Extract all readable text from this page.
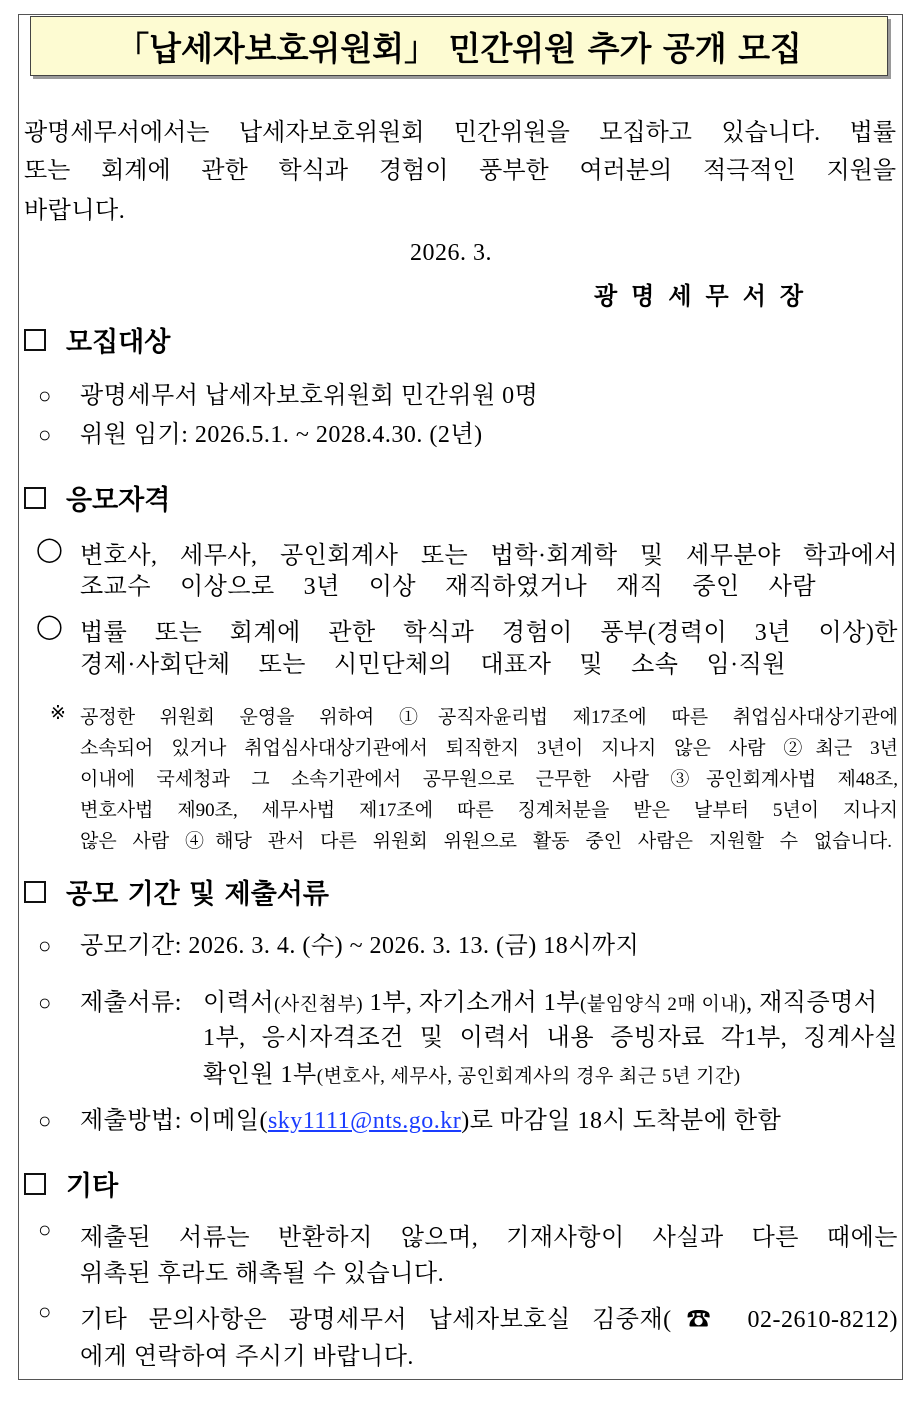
「납세자보호위원회」 민간위원 추가 공개 모집
광명세무서에서는 납세자보호위원회 민간위원을 모집하고 있습니다. 법률
또는 회계에 관한 학식과 경험이 풍부한 여러분의 적극적인 지원을
바랍니다.
2026. 3.
광 명 세 무 서 장
모집대상
○ 광명세무서 납세자보호위원회 민간위원 0명
○ 위원 임기: 2026.5.1. ~ 2028.4.30. (2년)
응모자격
◯ 변호사, 세무사, 공인회계사 또는 법학·회계학 및 세무분야 학과에서
조교수 이상으로 3년 이상 재직하였거나 재직 중인 사람
◯ 법률 또는 회계에 관한 학식과 경험이 풍부(경력이 3년 이상)한
경제·사회단체 또는 시민단체의 대표자 및 소속 임·직원
※ 공정한 위원회 운영을 위하여 ①공직자윤리법 제17조에 따른 취업심사대상기관에
소속되어 있거나 취업심사대상기관에서 퇴직한지 3년이 지나지 않은 사람 ②최근 3년
이내에 국세청과 그 소속기관에서 공무원으로 근무한 사람 ③공인회계사법 제48조,
변호사법 제90조, 세무사법 제17조에 따른 징계처분을 받은 날부터 5년이 지나지
않은 사람 ④해당 관서 다른 위원회 위원으로 활동 중인 사람은 지원할 수 없습니다.
공모 기간 및 제출서류
○ 공모기간: 2026. 3. 4. (수) ~ 2026. 3. 13. (금) 18시까지
○ 제출서류: 이력서(사진첨부) 1부, 자기소개서 1부(붙임양식 2매 이내), 재직증명서
1부, 응시자격조건 및 이력서 내용 증빙자료 각1부, 징계사실
확인원 1부(변호사, 세무사, 공인회계사의 경우 최근 5년 기간)
○ 제출방법: 이메일(sky1111@nts.go.kr)로 마감일 18시 도착분에 한함
기타
○	제출된 서류는 반환하지 않으며, 기재사항이 사실과 다른 때에는
위촉된 후라도 해촉될 수 있습니다.
○	기타 문의사항은 광명세무서 납세자보호실 김중재(☎ 02-2610-8212)
에게 연락하여 주시기 바랍니다.
